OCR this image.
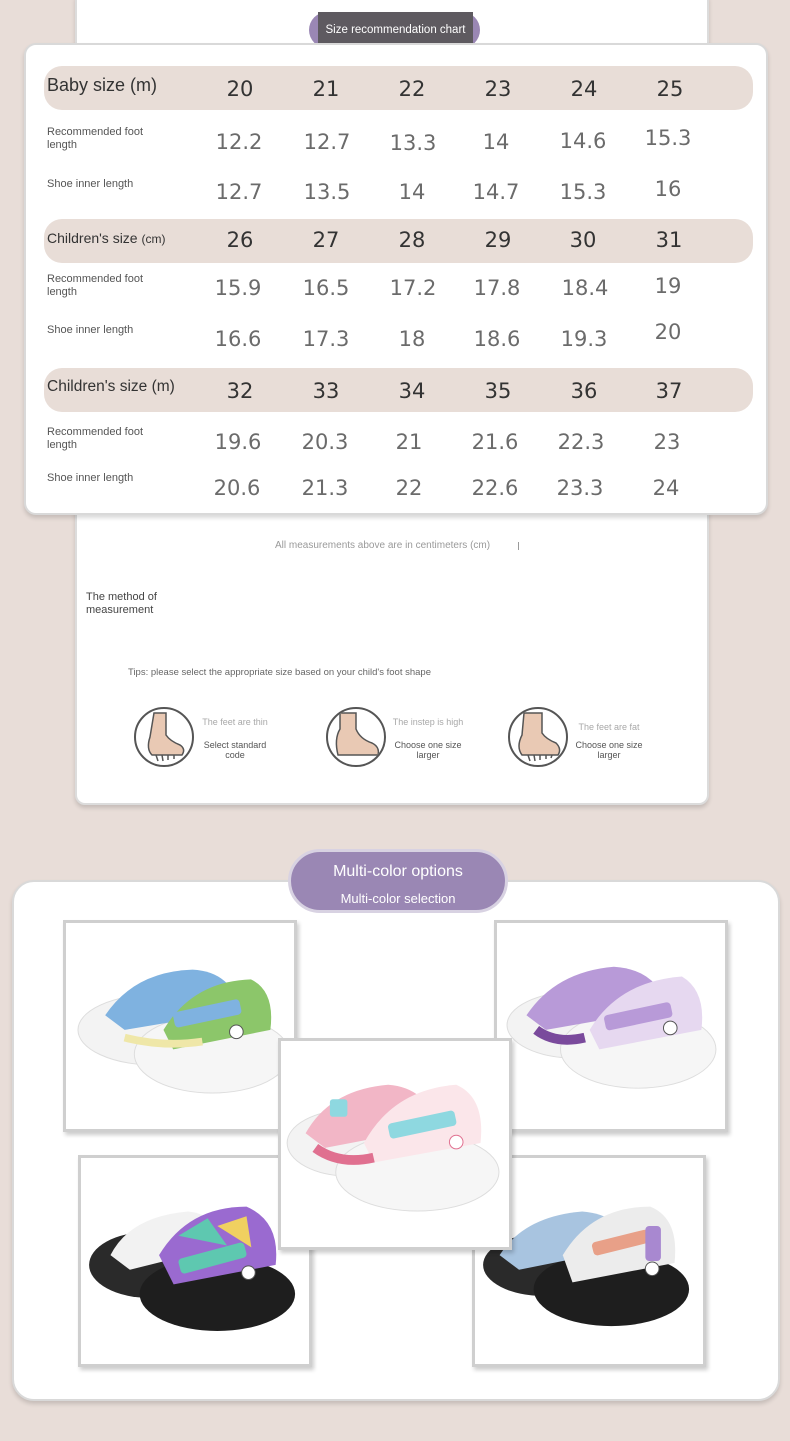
Size recommendation chart
Baby size (m)	20	21	22	23	24	25
Recommended foot length	12.2	12.7	13.3	14	14.6	15.3
Shoe inner length	12.7	13.5	14	14.7	15.3	16
Children's size (cm)	26	27	28	29	30	31
Recommended foot length	15.9	16.5	17.2	17.8	18.4	19
Shoe inner length	16.6	17.3	18	18.6	19.3	20
Children's size (m)	32	33	34	35	36	37
Recommended foot length	19.6	20.3	21	21.6	22.3	23
Shoe inner length	20.6	21.3	22	22.6	23.3	24
All measurements above are in centimeters (cm)
The method of measurement
Tips: please select the appropriate size based on your child's foot shape
The feet are thin
Select standard code
The instep is high
Choose one size larger
The feet are fat
Choose one size larger
Multi-color options
Multi-color selection
